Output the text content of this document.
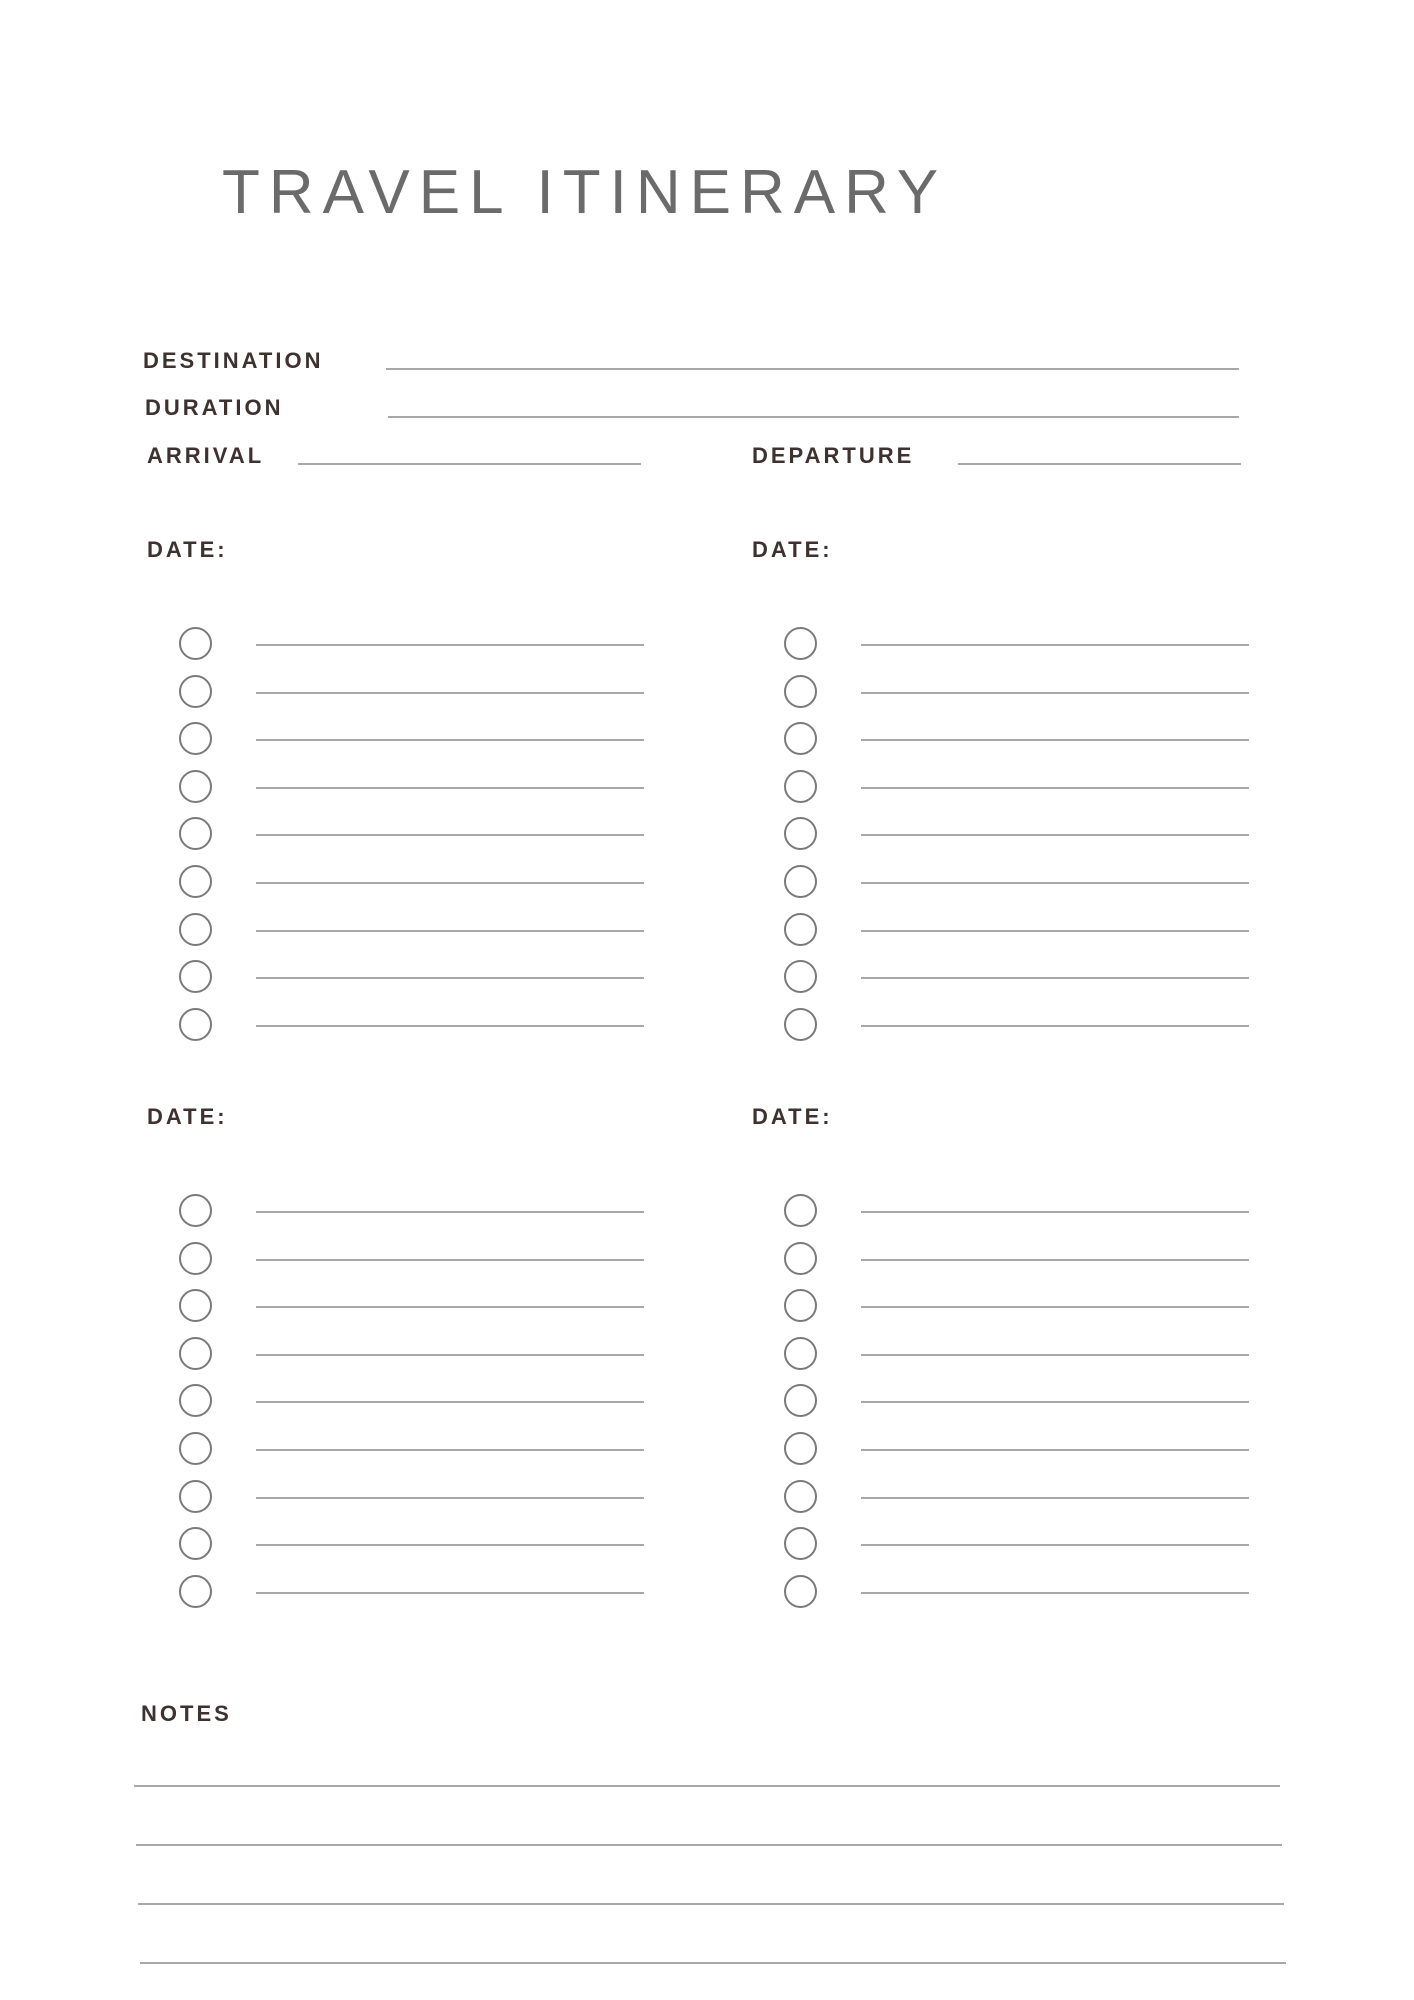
TRAVEL ITINERARY
DESTINATION
DURATION
ARRIVAL	DEPARTURE
DATE:	DATE:
DATE:	DATE:
NOTES
